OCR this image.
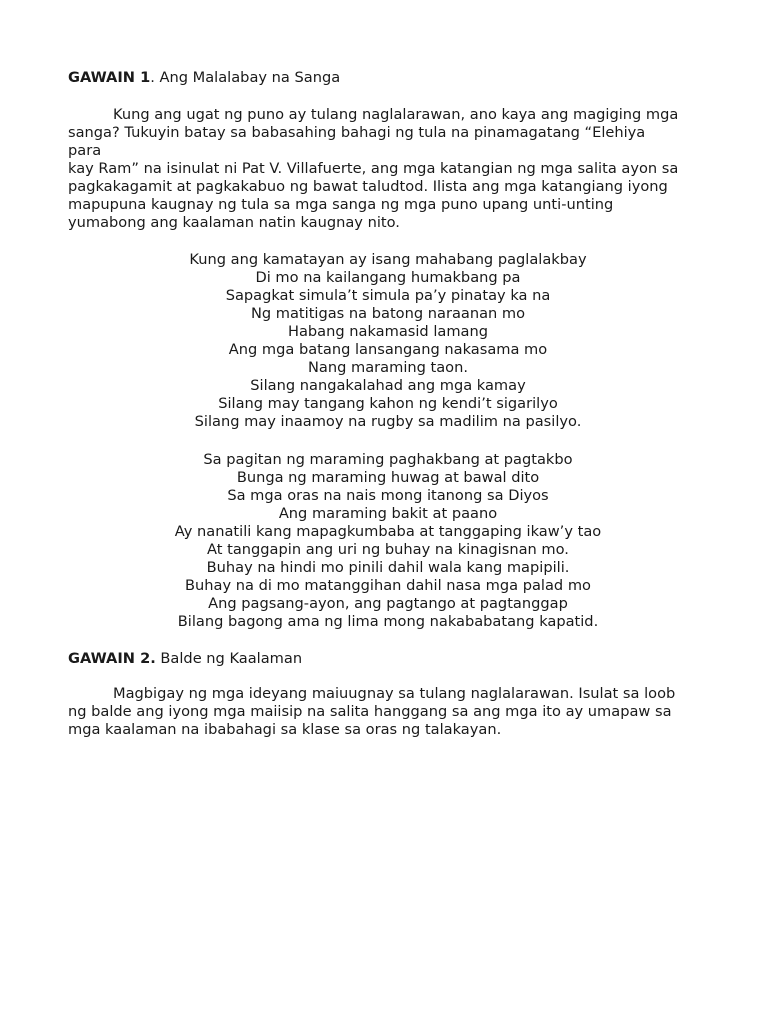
GAWAIN 1. Ang Malalabay na Sanga
Kung ang ugat ng puno ay tulang naglalarawan, ano kaya ang magiging mga
sanga? Tukuyin batay sa babasahing bahagi ng tula na pinamagatang “Elehiya
para
kay Ram” na isinulat ni Pat V. Villafuerte, ang mga katangian ng mga salita ayon sa
pagkakagamit at pagkakabuo ng bawat taludtod. Ilista ang mga katangiang iyong
mapupuna kaugnay ng tula sa mga sanga ng mga puno upang unti-unting
yumabong ang kaalaman natin kaugnay nito.
Kung ang kamatayan ay isang mahabang paglalakbay
Di mo na kailangang humakbang pa
Sapagkat simula’t simula pa’y pinatay ka na
Ng matitigas na batong naraanan mo
Habang nakamasid lamang
Ang mga batang lansangang nakasama mo
Nang maraming taon.
Silang nangakalahad ang mga kamay
Silang may tangang kahon ng kendi’t sigarilyo
Silang may inaamoy na rugby sa madilim na pasilyo.
Sa pagitan ng maraming paghakbang at pagtakbo
Bunga ng maraming huwag at bawal dito
Sa mga oras na nais mong itanong sa Diyos
Ang maraming bakit at paano
Ay nanatili kang mapagkumbaba at tanggaping ikaw’y tao
At tanggapin ang uri ng buhay na kinagisnan mo.
Buhay na hindi mo pinili dahil wala kang mapipili.
Buhay na di mo matanggihan dahil nasa mga palad mo
Ang pagsang-ayon, ang pagtango at pagtanggap
Bilang bagong ama ng lima mong nakababatang kapatid.
GAWAIN 2. Balde ng Kaalaman
Magbigay ng mga ideyang maiuugnay sa tulang naglalarawan. Isulat sa loob
ng balde ang iyong mga maiisip na salita hanggang sa ang mga ito ay umapaw sa
mga kaalaman na ibabahagi sa klase sa oras ng talakayan.
